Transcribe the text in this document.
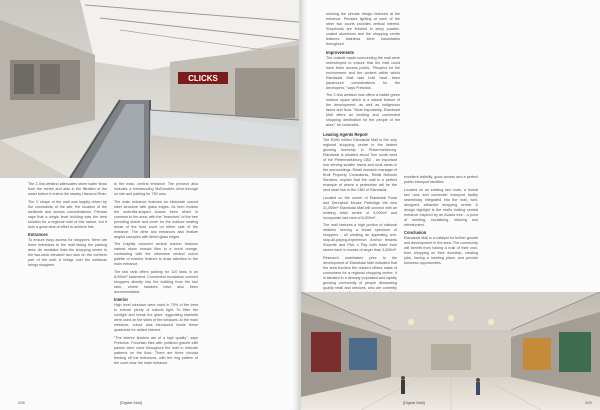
CLICKS

The 2.4ha wetland attenuates storm water flows from the centre and aids in the filtration of the water before it enters the nearby Hlanzoni River.

The C shape of the mall was largely driven by the constraints of the site, the location of the wetlands and access considerations. Pienaar says that a single level building was the best solution for a regional mall of this nature, but it took a great deal of effort to achieve this.

Entrances

To ensure easy access for shoppers, there are three entrances to the mall facing the parking area. An escalator links the shopping centre to the two-deck elevated taxi rank on the northern part of the mall. A bridge over the wetlands brings shoppers

to the main, central entrance. The precinct also includes a freestanding McDonald's drive-through on site and parking for 750 cars.

The main entrance features an elaborate curved steel structure with glass edges. Its form evokes the umbrella-shaped Acacia trees which is common to the area, with the "branches" of the tree providing shade and cover for the outdoor seating areas of the food court on either side of the entrance. The other two entrances also feature angled canopies with tinted glass edges.

The brightly coloured central column features natural stone mosaic tiles in a burnt orange, contrasting with the otherwise neutral colour palette of exterior finishes to draw attention to the main entrance.

The taxi rank offers parking for 120 taxis in an 8,000m² basement. Convenient escalators connect shoppers directly into the building from the taxi rank, where hawkers have also been accommodated.

Interior

High level windows were used in 70% of the trent to ensure plenty of natural light. To filter the sunlight and break the glare, eggcrating blankets were used on the sides of the windows. At the main entrance, colour was introduced inside these quadrants for added interest.

"The interior finishes are of a high quality", says Pretorius. Porcelain tiles with polished granite infill panels were used throughout the mall in intricate patterns on the floor. There are three circular feeding off the entrances, with the ring pattern of the court near the main entrance

208	[Digital Mall]

echoing the circular design featured at the entrance. Pendant lighting at each of the other two courts provides vertical interest. Shopfronts are finished in shiny powder-coated aluminium and the shopping centre features stainless steel balustrades throughout.

Improvements

The outside roads surrounding the mall were redeveloped to ensure that the mall could have three access points. "Respect for the environment and the context within which Elandsdal Mall was built have been paramount considerations for the developers," says Pretorius.

The 2.4ha wetland now offers a visible green outdoor space which is a natural feature of the development, as well as indigenous fauna and flora. "Most importantly, Elandsdal Mall offers an exciting and convenient shopping destination for the people of the area," he concludes.

Leasing Agents Report

The R450 million Elandsdal Mall is the only regional shopping centre in the fastest growing township in Pietermaritzburg. Elandsdal is situated about 7km south west of the Pietermaritzburg CBD - an important hub serving smaller towns and rural areas in the surroundings. Retail research manager of Broll Property Consultants, Retail Network Services, explain that the mall is a perfect example of where a pedestrian will be the next retail hub in the CBD of Elandsdal.

Located on the corner of Elandsdal Road and Dennybull Mouse Parkridge the new 31,500m² Elandsdal Mall will connect with an existing retail centre of 9,000m² and incorporate taxi rank of 8,000m².

The mall features a high portion of national retailers serving a broad spectrum of shoppers - all creating an appealing one-stop-all-paying-experience. Anchor tenants Shoprite and Pick n Pay both trade from stores each in excess of larger than 3,500m².

Research undertaken prior to the development of Elandsdal Mall indicated that the area borders the relaxed offices mass of consumers for a regional shopping centre. It is situated in a densely populated and rapidly growing community of people demanding quality retail and services, who are currently

excellent visibility, good access and a perfect public transport facilities.

Located on an existing taxi route, a formal taxi rank and commuter transport facility seamlessly integrated into the mall, well-designed, attractive shopping centre. A design highlight is the mall's inviting central entrance inspired by an Acacia tree - a point of meeting, socialising, relaxing and refreshment.

Conclusion

Elandsdal Mall is a catalyst for further growth and development in the area. The community will benefit from having a mall of their own, from shopping on their doorstep, creating jobs, having a meeting place, and provide business opportunities.

[Digital Mall]	209
